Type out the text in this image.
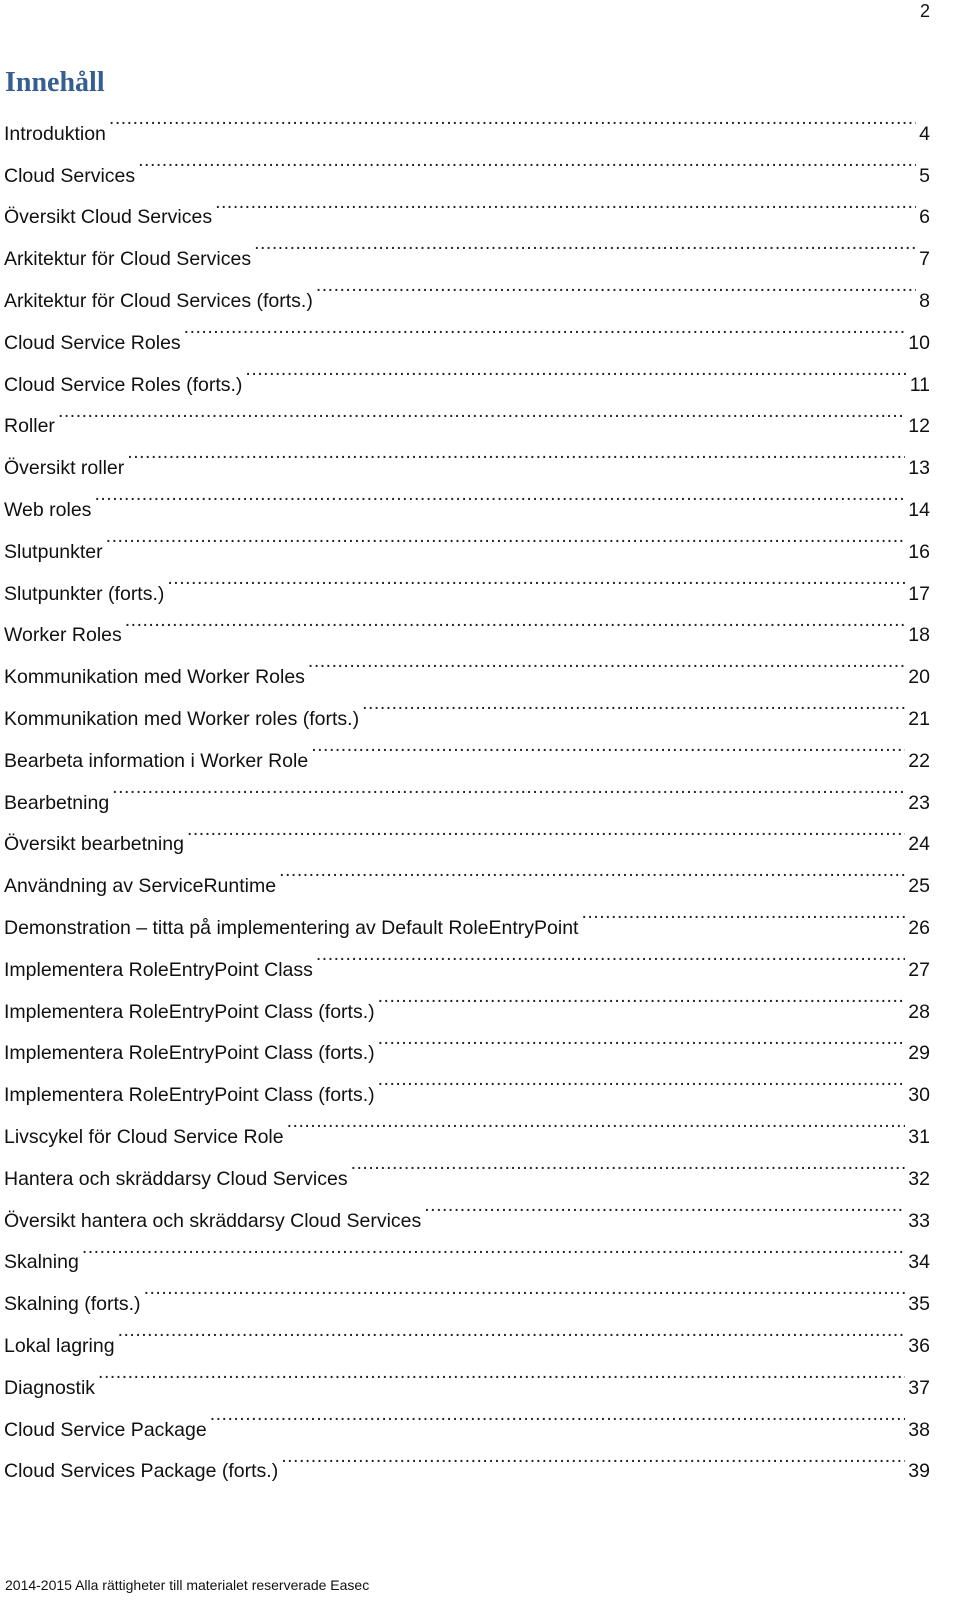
2
Innehåll
Introduktion .....	4
Cloud Services .....	5
Översikt Cloud Services .....	6
Arkitektur för Cloud Services .....	7
Arkitektur för Cloud Services (forts.) .....	8
Cloud Service Roles .....	10
Cloud Service Roles (forts.) .....	11
Roller .....	12
Översikt roller .....	13
Web roles .....	14
Slutpunkter .....	16
Slutpunkter (forts.) .....	17
Worker Roles .....	18
Kommunikation med Worker Roles .....	20
Kommunikation med Worker roles (forts.) .....	21
Bearbeta information i Worker Role .....	22
Bearbetning .....	23
Översikt bearbetning .....	24
Användning av ServiceRuntime .....	25
Demonstration – titta på implementering av Default RoleEntryPoint .....	26
Implementera RoleEntryPoint Class .....	27
Implementera RoleEntryPoint Class (forts.) .....	28
Implementera RoleEntryPoint Class (forts.) .....	29
Implementera RoleEntryPoint Class (forts.) .....	30
Livscykel för Cloud Service Role .....	31
Hantera och skräddarsy Cloud Services .....	32
Översikt hantera och skräddarsy Cloud Services .....	33
Skalning .....	34
Skalning (forts.) .....	35
Lokal lagring .....	36
Diagnostik .....	37
Cloud Service Package .....	38
Cloud Services Package (forts.) .....	39
2014-2015 Alla rättigheter till materialet reserverade Easec
